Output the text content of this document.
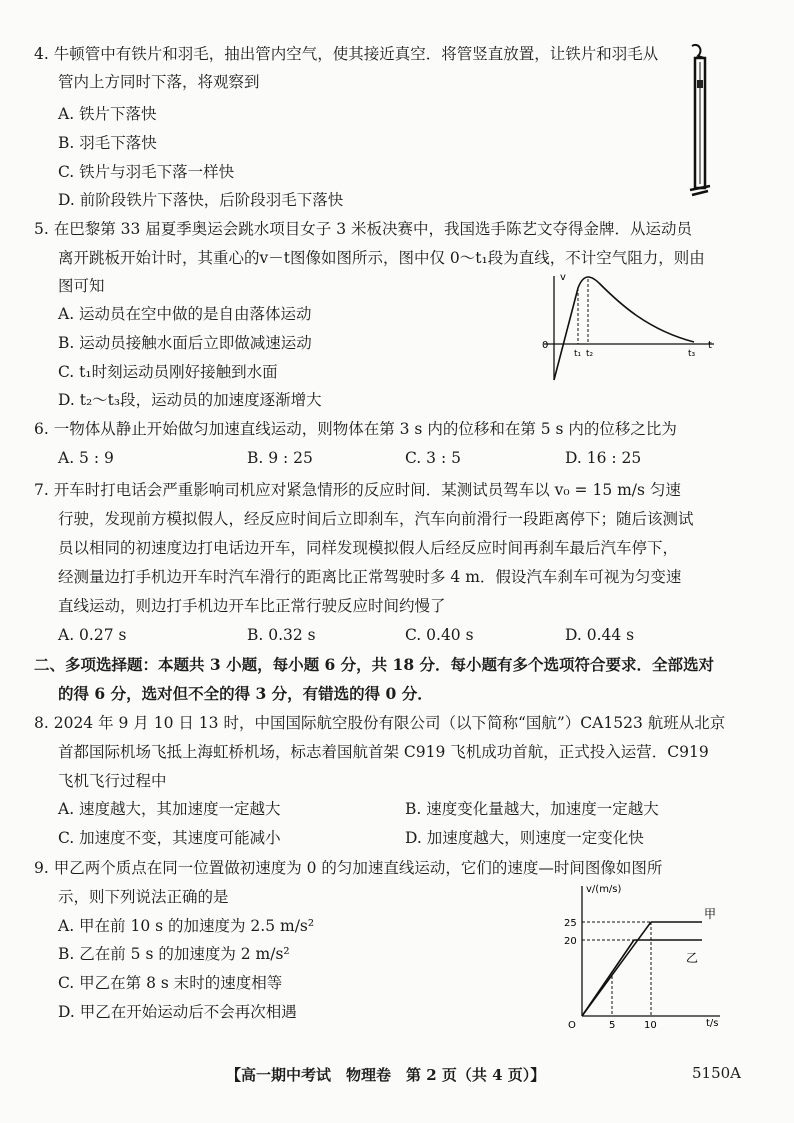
4. 牛顿管中有铁片和羽毛，抽出管内空气，使其接近真空．将管竖直放置，让铁片和羽毛从
管内上方同时下落，将观察到
A. 铁片下落快
B. 羽毛下落快
C. 铁片与羽毛下落一样快
D. 前阶段铁片下落快，后阶段羽毛下落快
5. 在巴黎第 33 届夏季奥运会跳水项目女子 3 米板决赛中，我国选手陈艺文夺得金牌．从运动员
离开跳板开始计时，其重心的v－t图像如图所示，图中仅 0～t₁段为直线，不计空气阻力，则由
图可知
A. 运动员在空中做的是自由落体运动
B. 运动员接触水面后立即做减速运动
C. t₁时刻运动员刚好接触到水面
D. t₂～t₃段，运动员的加速度逐渐增大
v
0
t₁ t₂	t₃
t
6. 一物体从静止开始做匀加速直线运动，则物体在第 3 s 内的位移和在第 5 s 内的位移之比为
A. 5 : 9	B. 9 : 25	C. 3 : 5	D. 16 : 25
7. 开车时打电话会严重影响司机应对紧急情形的反应时间．某测试员驾车以 v₀ = 15 m/s 匀速
行驶，发现前方模拟假人，经反应时间后立即刹车，汽车向前滑行一段距离停下；随后该测试
员以相同的初速度边打电话边开车，同样发现模拟假人后经反应时间再刹车最后汽车停下，
经测量边打手机边开车时汽车滑行的距离比正常驾驶时多 4 m．假设汽车刹车可视为匀变速
直线运动，则边打手机边开车比正常行驶反应时间约慢了
A. 0.27 s	B. 0.32 s	C. 0.40 s	D. 0.44 s
二、多项选择题：本题共 3 小题，每小题 6 分，共 18 分．每小题有多个选项符合要求．全部选对
的得 6 分，选对但不全的得 3 分，有错选的得 0 分．
8. 2024 年 9 月 10 日 13 时，中国国际航空股份有限公司（以下简称“国航”）CA1523 航班从北京
首都国际机场飞抵上海虹桥机场，标志着国航首架 C919 飞机成功首航，正式投入运营．C919
飞机飞行过程中
A. 速度越大，其加速度一定越大	B. 速度变化量越大，加速度一定越大
C. 加速度不变，其速度可能减小	D. 加速度越大，则速度一定变化快
9. 甲乙两个质点在同一位置做初速度为 0 的匀加速直线运动，它们的速度—时间图像如图所
示，则下列说法正确的是
A. 甲在前 10 s 的加速度为 2.5 m/s²
B. 乙在前 5 s 的加速度为 2 m/s²
C. 甲乙在第 8 s 末时的速度相等
D. 甲乙在开始运动后不会再次相遇
v/(m/s)
25
20
O	5	10	t/s
甲
乙
【高一期中考试　物理卷　第 2 页（共 4 页）】	5150A
